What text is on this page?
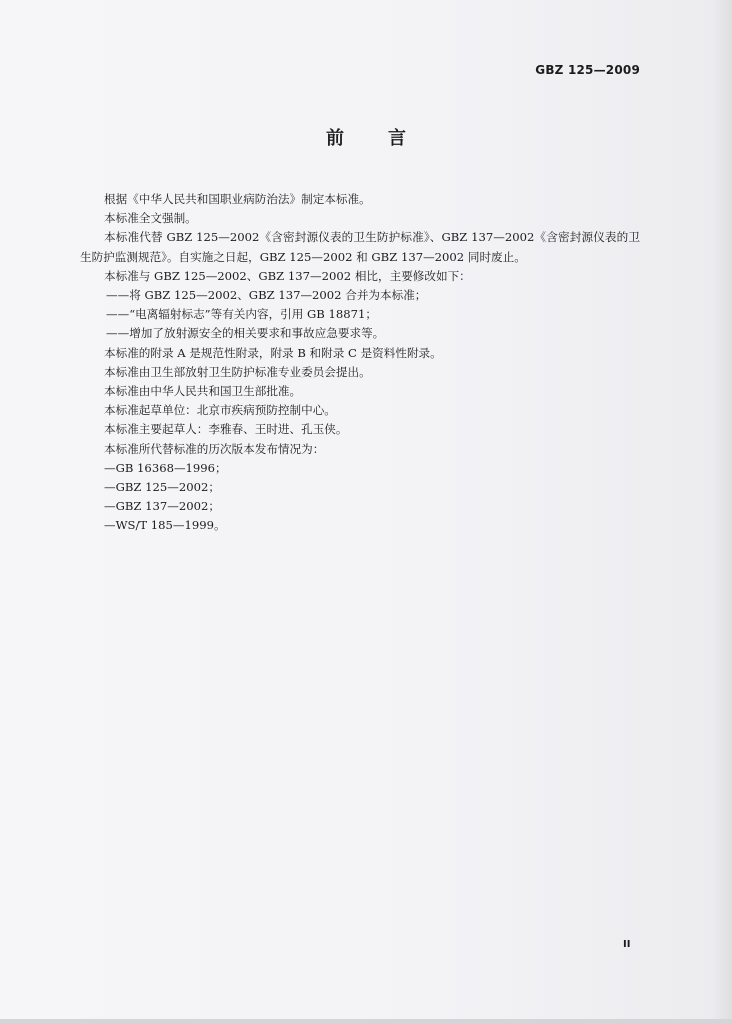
GBZ 125—2009
前言

根据《中华人民共和国职业病防治法》制定本标准。

本标准全文强制。

本标准代替 GBZ 125—2002《含密封源仪表的卫生防护标准》、GBZ 137—2002《含密封源仪表的卫生防护监测规范》。自实施之日起，GBZ 125—2002 和 GBZ 137—2002 同时废止。

本标准与 GBZ 125—2002、GBZ 137—2002 相比，主要修改如下：

——将 GBZ 125—2002、GBZ 137—2002 合并为本标准；

——“电离辐射标志”等有关内容，引用 GB 18871；

——增加了放射源安全的相关要求和事故应急要求等。

本标准的附录 A 是规范性附录，附录 B 和附录 C 是资料性附录。

本标准由卫生部放射卫生防护标准专业委员会提出。

本标准由中华人民共和国卫生部批准。

本标准起草单位：北京市疾病预防控制中心。

本标准主要起草人：李雅春、王时进、孔玉侠。

本标准所代替标准的历次版本发布情况为：

—GB 16368—1996；

—GBZ 125—2002；

—GBZ 137—2002；

—WS/T 185—1999。

II
